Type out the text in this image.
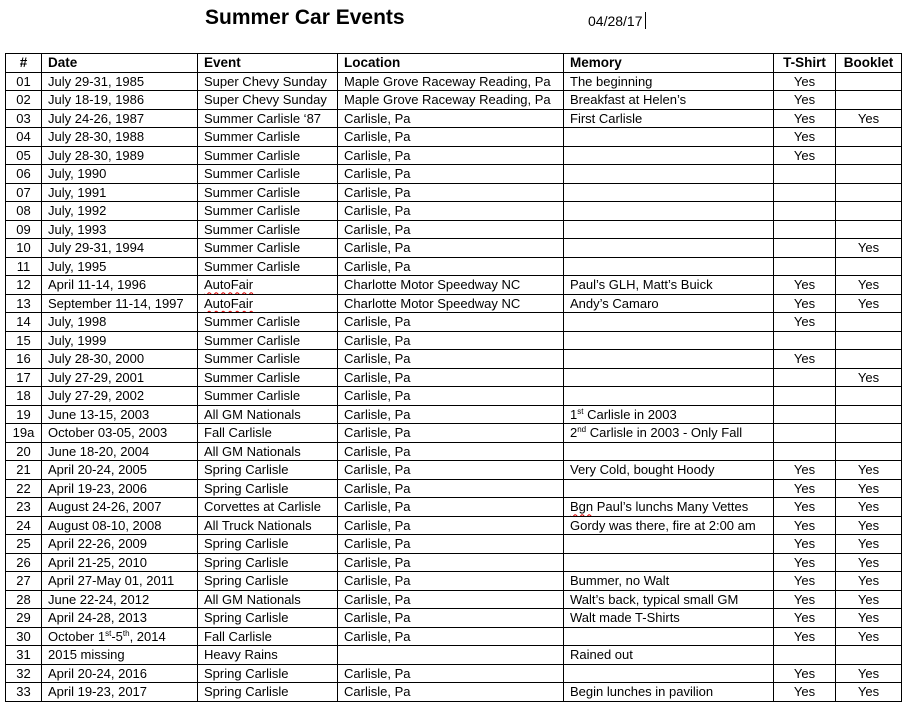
Summer Car Events	04/28/17
#	Date	Event	Location	Memory	T-Shirt	Booklet
01	July 29-31, 1985	Super Chevy Sunday	Maple Grove Raceway Reading, Pa	The beginning	Yes	
02	July 18-19, 1986	Super Chevy Sunday	Maple Grove Raceway Reading, Pa	Breakfast at Helen’s	Yes	
03	July 24-26, 1987	Summer Carlisle ‘87	Carlisle, Pa	First Carlisle	Yes	Yes
04	July 28-30, 1988	Summer Carlisle	Carlisle, Pa		Yes	
05	July 28-30, 1989	Summer Carlisle	Carlisle, Pa		Yes	
06	July, 1990	Summer Carlisle	Carlisle, Pa			
07	July, 1991	Summer Carlisle	Carlisle, Pa			
08	July, 1992	Summer Carlisle	Carlisle, Pa			
09	July, 1993	Summer Carlisle	Carlisle, Pa			
10	July 29-31, 1994	Summer Carlisle	Carlisle, Pa			Yes
11	July, 1995	Summer Carlisle	Carlisle, Pa			
12	April 11-14, 1996	AutoFair	Charlotte Motor Speedway NC	Paul’s GLH, Matt’s Buick	Yes	Yes
13	September 11-14, 1997	AutoFair	Charlotte Motor Speedway NC	Andy’s Camaro	Yes	Yes
14	July, 1998	Summer Carlisle	Carlisle, Pa		Yes	
15	July, 1999	Summer Carlisle	Carlisle, Pa			
16	July 28-30, 2000	Summer Carlisle	Carlisle, Pa		Yes	
17	July 27-29, 2001	Summer Carlisle	Carlisle, Pa			Yes
18	July 27-29, 2002	Summer Carlisle	Carlisle, Pa			
19	June 13-15, 2003	All GM Nationals	Carlisle, Pa	1st Carlisle in 2003		
19a	October 03-05, 2003	Fall Carlisle	Carlisle, Pa	2nd Carlisle in 2003 - Only Fall		
20	June 18-20, 2004	All GM Nationals	Carlisle, Pa			
21	April 20-24, 2005	Spring Carlisle	Carlisle, Pa	Very Cold, bought Hoody	Yes	Yes
22	April 19-23, 2006	Spring Carlisle	Carlisle, Pa		Yes	Yes
23	August 24-26, 2007	Corvettes at Carlisle	Carlisle, Pa	Bgn Paul’s lunchs Many Vettes	Yes	Yes
24	August 08-10, 2008	All Truck Nationals	Carlisle, Pa	Gordy was there, fire at 2:00 am	Yes	Yes
25	April 22-26, 2009	Spring Carlisle	Carlisle, Pa		Yes	Yes
26	April 21-25, 2010	Spring Carlisle	Carlisle, Pa		Yes	Yes
27	April 27-May 01, 2011	Spring Carlisle	Carlisle, Pa	Bummer, no Walt	Yes	Yes
28	June 22-24, 2012	All GM Nationals	Carlisle, Pa	Walt’s back, typical small GM	Yes	Yes
29	April 24-28, 2013	Spring Carlisle	Carlisle, Pa	Walt made T-Shirts	Yes	Yes
30	October 1st-5th, 2014	Fall Carlisle	Carlisle, Pa		Yes	Yes
31	2015 missing	Heavy Rains		Rained out		
32	April 20-24, 2016	Spring Carlisle	Carlisle, Pa		Yes	Yes
33	April 19-23, 2017	Spring Carlisle	Carlisle, Pa	Begin lunches in pavilion	Yes	Yes
